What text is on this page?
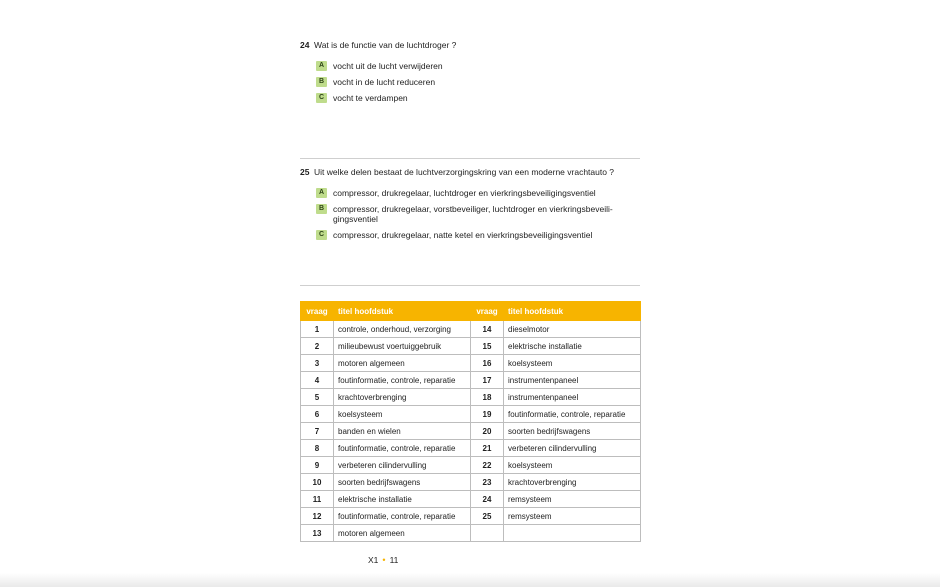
24 Wat is de functie van de luchtdroger ?
A	vocht uit de lucht verwijderen
B	vocht in de lucht reduceren
C	vocht te verdampen
25 Uit welke delen bestaat de luchtverzorgingskring van een moderne vrachtauto ?
A	compressor, drukregelaar, luchtdroger en vierkringsbeveiligingsventiel
B	compressor, drukregelaar, vorstbeveiliger, luchtdroger en vierkringsbeveiligingsventiel
C	compressor, drukregelaar, natte ketel en vierkringsbeveiligingsventiel
vraag	titel hoofdstuk	vraag	titel hoofdstuk
1	controle, onderhoud, verzorging	14	dieselmotor
2	milieubewust voertuiggebruik	15	elektrische installatie
3	motoren algemeen	16	koelsysteem
4	foutinformatie, controle, reparatie	17	instrumentenpaneel
5	krachtoverbrenging	18	instrumentenpaneel
6	koelsysteem	19	foutinformatie, controle, reparatie
7	banden en wielen	20	soorten bedrijfswagens
8	foutinformatie, controle, reparatie	21	verbeteren cilindervulling
9	verbeteren cilindervulling	22	koelsysteem
10	soorten bedrijfswagens	23	krachtoverbrenging
11	elektrische installatie	24	remsysteem
12	foutinformatie, controle, reparatie	25	remsysteem
13	motoren algemeen		
X1 • 11
